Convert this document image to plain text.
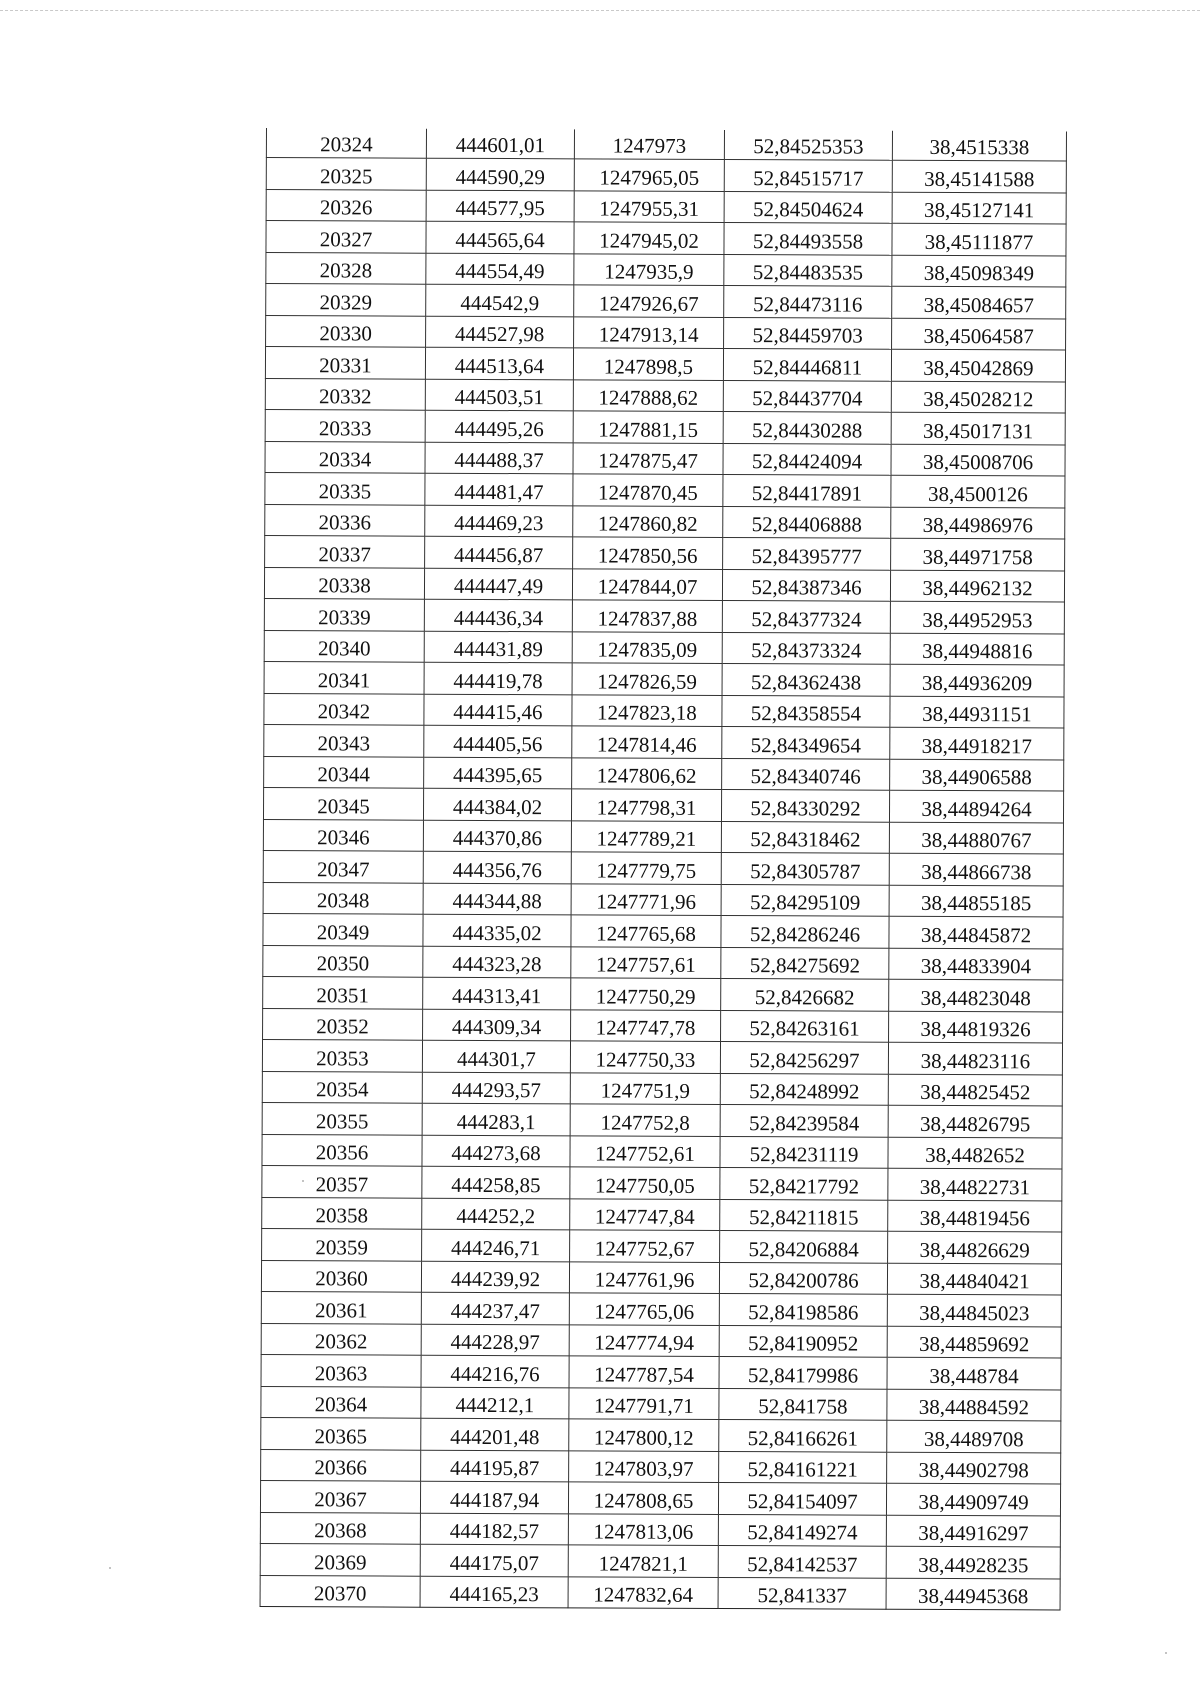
20324	444601,01	1247973	52,84525353	38,4515338
20325	444590,29	1247965,05	52,84515717	38,45141588
20326	444577,95	1247955,31	52,84504624	38,45127141
20327	444565,64	1247945,02	52,84493558	38,45111877
20328	444554,49	1247935,9	52,84483535	38,45098349
20329	444542,9	1247926,67	52,84473116	38,45084657
20330	444527,98	1247913,14	52,84459703	38,45064587
20331	444513,64	1247898,5	52,84446811	38,45042869
20332	444503,51	1247888,62	52,84437704	38,45028212
20333	444495,26	1247881,15	52,84430288	38,45017131
20334	444488,37	1247875,47	52,84424094	38,45008706
20335	444481,47	1247870,45	52,84417891	38,4500126
20336	444469,23	1247860,82	52,84406888	38,44986976
20337	444456,87	1247850,56	52,84395777	38,44971758
20338	444447,49	1247844,07	52,84387346	38,44962132
20339	444436,34	1247837,88	52,84377324	38,44952953
20340	444431,89	1247835,09	52,84373324	38,44948816
20341	444419,78	1247826,59	52,84362438	38,44936209
20342	444415,46	1247823,18	52,84358554	38,44931151
20343	444405,56	1247814,46	52,84349654	38,44918217
20344	444395,65	1247806,62	52,84340746	38,44906588
20345	444384,02	1247798,31	52,84330292	38,44894264
20346	444370,86	1247789,21	52,84318462	38,44880767
20347	444356,76	1247779,75	52,84305787	38,44866738
20348	444344,88	1247771,96	52,84295109	38,44855185
20349	444335,02	1247765,68	52,84286246	38,44845872
20350	444323,28	1247757,61	52,84275692	38,44833904
20351	444313,41	1247750,29	52,8426682	38,44823048
20352	444309,34	1247747,78	52,84263161	38,44819326
20353	444301,7	1247750,33	52,84256297	38,44823116
20354	444293,57	1247751,9	52,84248992	38,44825452
20355	444283,1	1247752,8	52,84239584	38,44826795
20356	444273,68	1247752,61	52,84231119	38,4482652
20357	444258,85	1247750,05	52,84217792	38,44822731
20358	444252,2	1247747,84	52,84211815	38,44819456
20359	444246,71	1247752,67	52,84206884	38,44826629
20360	444239,92	1247761,96	52,84200786	38,44840421
20361	444237,47	1247765,06	52,84198586	38,44845023
20362	444228,97	1247774,94	52,84190952	38,44859692
20363	444216,76	1247787,54	52,84179986	38,448784
20364	444212,1	1247791,71	52,841758	38,44884592
20365	444201,48	1247800,12	52,84166261	38,4489708
20366	444195,87	1247803,97	52,84161221	38,44902798
20367	444187,94	1247808,65	52,84154097	38,44909749
20368	444182,57	1247813,06	52,84149274	38,44916297
20369	444175,07	1247821,1	52,84142537	38,44928235
20370	444165,23	1247832,64	52,841337	38,44945368
